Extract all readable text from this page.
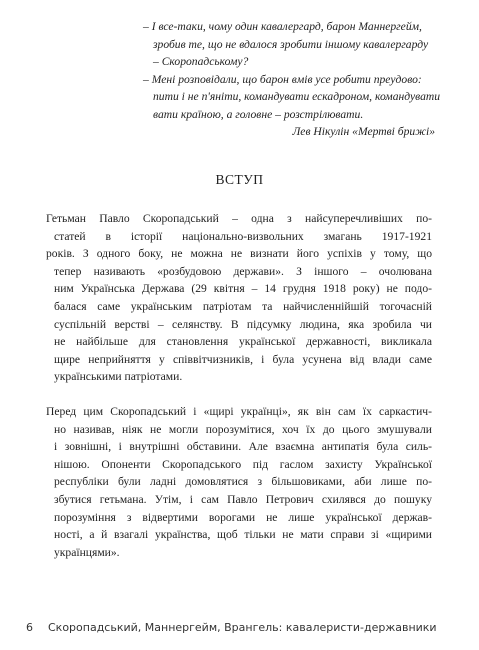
– І все-таки, чому один кавалергард, барон Маннергейм,
зробив те, що не вдалося зробити іншому кавалергарду
– Скоропадському?
– Мені розповідали, що барон вмів усе робити преудово:
пити і не п'яніти, командувати ескадроном, командувати
вати країною, а головне – розстрілювати.
Лев Нікулін «Мертві брижі»
ВСТУП

Гетьман Павло Скоропадський – одна з найсуперечливіших по-
статей в історії національно-визвольних змагань 1917-1921
років. З одного боку, не можна не визнати його успіхів у тому, що
тепер називають «розбудовою держави». З іншого – очолювана
ним Українська Держава (29 квітня – 14 грудня 1918 року) не подо-
балася саме українським патріотам та найчисленнійшій тогочасній
суспільній верстві – селянству. В підсумку людина, яка зробила чи
не найбільше для становлення української державності, викликала
щире неприйняття у співвітчизників, і була усунена від влади саме
українськими патріотами.

Перед цим Скоропадський і «щирі українці», як він сам їх саркастич-
но називав, ніяк не могли порозумітися, хоч їх до цього змушували
і зовнішні, і внутрішні обставини. Але взаємна антипатія була силь-
нішою. Опоненти Скоропадського під гаслом захисту Української
республіки були ладні домовлятися з більшовиками, аби лише по-
збутися гетьмана. Утім, і сам Павло Петрович схилявся до пошуку
порозуміння з відвертими ворогами не лише української держав-
ності, а й взагалі українства, щоб тільки не мати справи зі «щирими
українцями».

6 Скоропадський, Маннергейм, Врангель: кавалеристи-державники
